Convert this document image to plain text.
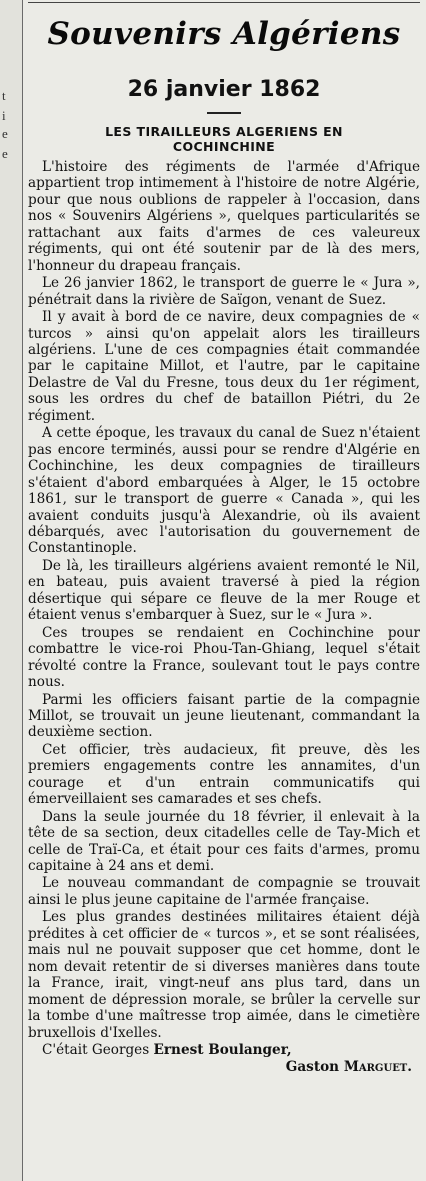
t
i
e
e
Souvenirs Algériens
26 janvier 1862
LES TIRAILLEURS ALGERIENS EN
COCHINCHINE

L'histoire des régiments de l'armée d'Afrique appartient trop intimement à l'histoire de notre Algérie, pour que nous oublions de rappeler à l'occasion, dans nos « Souvenirs Algériens », quelques particularités se rattachant aux faits d'armes de ces valeureux régiments, qui ont été soutenir par de là des mers, l'honneur du drapeau français.

Le 26 janvier 1862, le transport de guerre le « Jura », pénétrait dans la rivière de Saïgon, venant de Suez.

Il y avait à bord de ce navire, deux compagnies de « turcos » ainsi qu'on appelait alors les tirailleurs algériens. L'une de ces compagnies était commandée par le capitaine Millot, et l'autre, par le capitaine Delastre de Val du Fresne, tous deux du 1er régiment, sous les ordres du chef de bataillon Piétri, du 2e régiment.

A cette époque, les travaux du canal de Suez n'étaient pas encore terminés, aussi pour se rendre d'Algérie en Cochinchine, les deux compagnies de tirailleurs s'étaient d'abord embarquées à Alger, le 15 octobre 1861, sur le transport de guerre « Canada », qui les avaient conduits jusqu'à Alexandrie, où ils avaient débarqués, avec l'autorisation du gouvernement de Constantinople.

De là, les tirailleurs algériens avaient remonté le Nil, en bateau, puis avaient traversé à pied la région désertique qui sépare ce fleuve de la mer Rouge et étaient venus s'embarquer à Suez, sur le « Jura ».

Ces troupes se rendaient en Cochinchine pour combattre le vice-roi Phou-Tan-Ghiang, lequel s'était révolté contre la France, soulevant tout le pays contre nous.

Parmi les officiers faisant partie de la compagnie Millot, se trouvait un jeune lieutenant, commandant la deuxième section.

Cet officier, très audacieux, fit preuve, dès les premiers engagements contre les annamites, d'un courage et d'un entrain communicatifs qui émerveillaient ses camarades et ses chefs.

Dans la seule journée du 18 février, il enlevait à la tête de sa section, deux citadelles celle de Tay-Mich et celle de Traï-Ca, et était pour ces faits d'armes, promu capitaine à 24 ans et demi.

Le nouveau commandant de compagnie se trouvait ainsi le plus jeune capitaine de l'armée française.

Les plus grandes destinées militaires étaient déjà prédites à cet officier de « turcos », et se sont réalisées, mais nul ne pouvait supposer que cet homme, dont le nom devait retentir de si diverses manières dans toute la France, irait, vingt-neuf ans plus tard, dans un moment de dépression morale, se brûler la cervelle sur la tombe d'une maîtresse trop aimée, dans le cimetière bruxellois d'Ixelles.

C'était Georges Ernest Boulanger,
Gaston Marguet.
